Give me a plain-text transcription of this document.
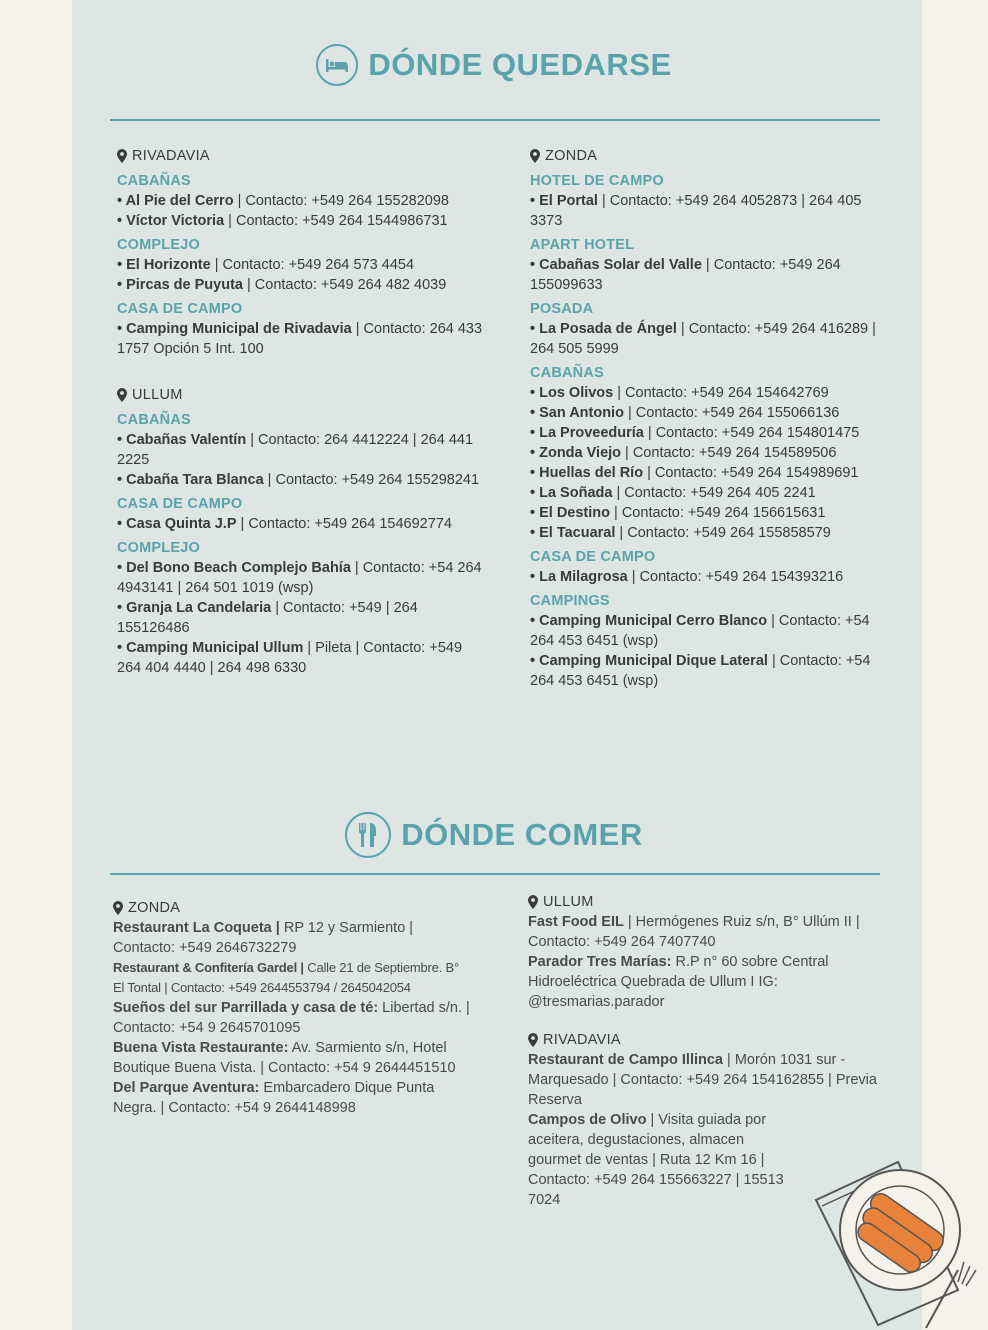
DÓNDE QUEDARSE
RIVADAVIA
CABAÑAS
• Al Pie del Cerro | Contacto: +549 264 155282098
• Víctor Victoria | Contacto: +549 264 1544986731
COMPLEJO
• El Horizonte | Contacto: +549 264 573 4454
• Pircas de Puyuta | Contacto: +549 264 482 4039
CASA DE CAMPO
• Camping Municipal de Rivadavia | Contacto: 264 433 1757 Opción 5 Int. 100
ULLUM
CABAÑAS
• Cabañas Valentín | Contacto: 264 4412224 | 264 441 2225
• Cabaña Tara Blanca | Contacto: +549 264 155298241
CASA DE CAMPO
• Casa Quinta J.P | Contacto: +549 264 154692774
COMPLEJO
• Del Bono Beach Complejo Bahía | Contacto: +54 264 4943141 | 264 501 1019 (wsp)
• Granja La Candelaria | Contacto: +549 | 264 155126486
• Camping Municipal Ullum | Pileta | Contacto: +549 264 404 4440 | 264 498 6330
ZONDA
HOTEL DE CAMPO
• El Portal | Contacto: +549 264 4052873 | 264 405 3373
APART HOTEL
• Cabañas Solar del Valle | Contacto: +549 264 155099633
POSADA
• La Posada de Ángel | Contacto: +549 264 416289 | 264 505 5999
CABAÑAS
• Los Olivos | Contacto: +549 264 154642769
• San Antonio | Contacto: +549 264 155066136
• La Proveeduría | Contacto: +549 264 154801475
• Zonda Viejo | Contacto: +549 264 154589506
• Huellas del Río | Contacto: +549 264 154989691
• La Soñada | Contacto: +549 264 405 2241
• El Destino | Contacto: +549 264 156615631
• El Tacuaral | Contacto: +549 264 155858579
CASA DE CAMPO
• La Milagrosa | Contacto: +549 264 154393216
CAMPINGS
• Camping Municipal Cerro Blanco | Contacto: +54 264 453 6451 (wsp)
• Camping Municipal Dique Lateral | Contacto: +54 264 453 6451 (wsp)
DÓNDE COMER
ZONDA
Restaurant La Coqueta | RP 12 y Sarmiento | Contacto: +549 2646732279
Restaurant & Confitería Gardel | Calle 21 de Septiembre. B° El Tontal | Contacto: +549 2644553794 / 2645042054
Sueños del sur Parrillada y casa de té: Libertad s/n. | Contacto: +54 9 2645701095
Buena Vista Restaurante: Av. Sarmiento s/n, Hotel Boutique Buena Vista. | Contacto: +54 9 2644451510
Del Parque Aventura: Embarcadero Dique Punta Negra. | Contacto: +54 9 2644148998
ULLUM
Fast Food EIL | Hermógenes Ruiz s/n, B° Ullúm II | Contacto: +549 264 7407740
Parador Tres Marías: R.P n° 60 sobre Central Hidroeléctrica Quebrada de Ullum I IG: @tresmarias.parador
RIVADAVIA
Restaurant de Campo Illinca | Morón 1031 sur - Marquesado | Contacto: +549 264 154162855 | Previa Reserva
Campos de Olivo | Visita guiada por aceitera, degustaciones, almacen gourmet de ventas | Ruta 12 Km 16 | Contacto: +549 264 155663227 | 15513 7024
